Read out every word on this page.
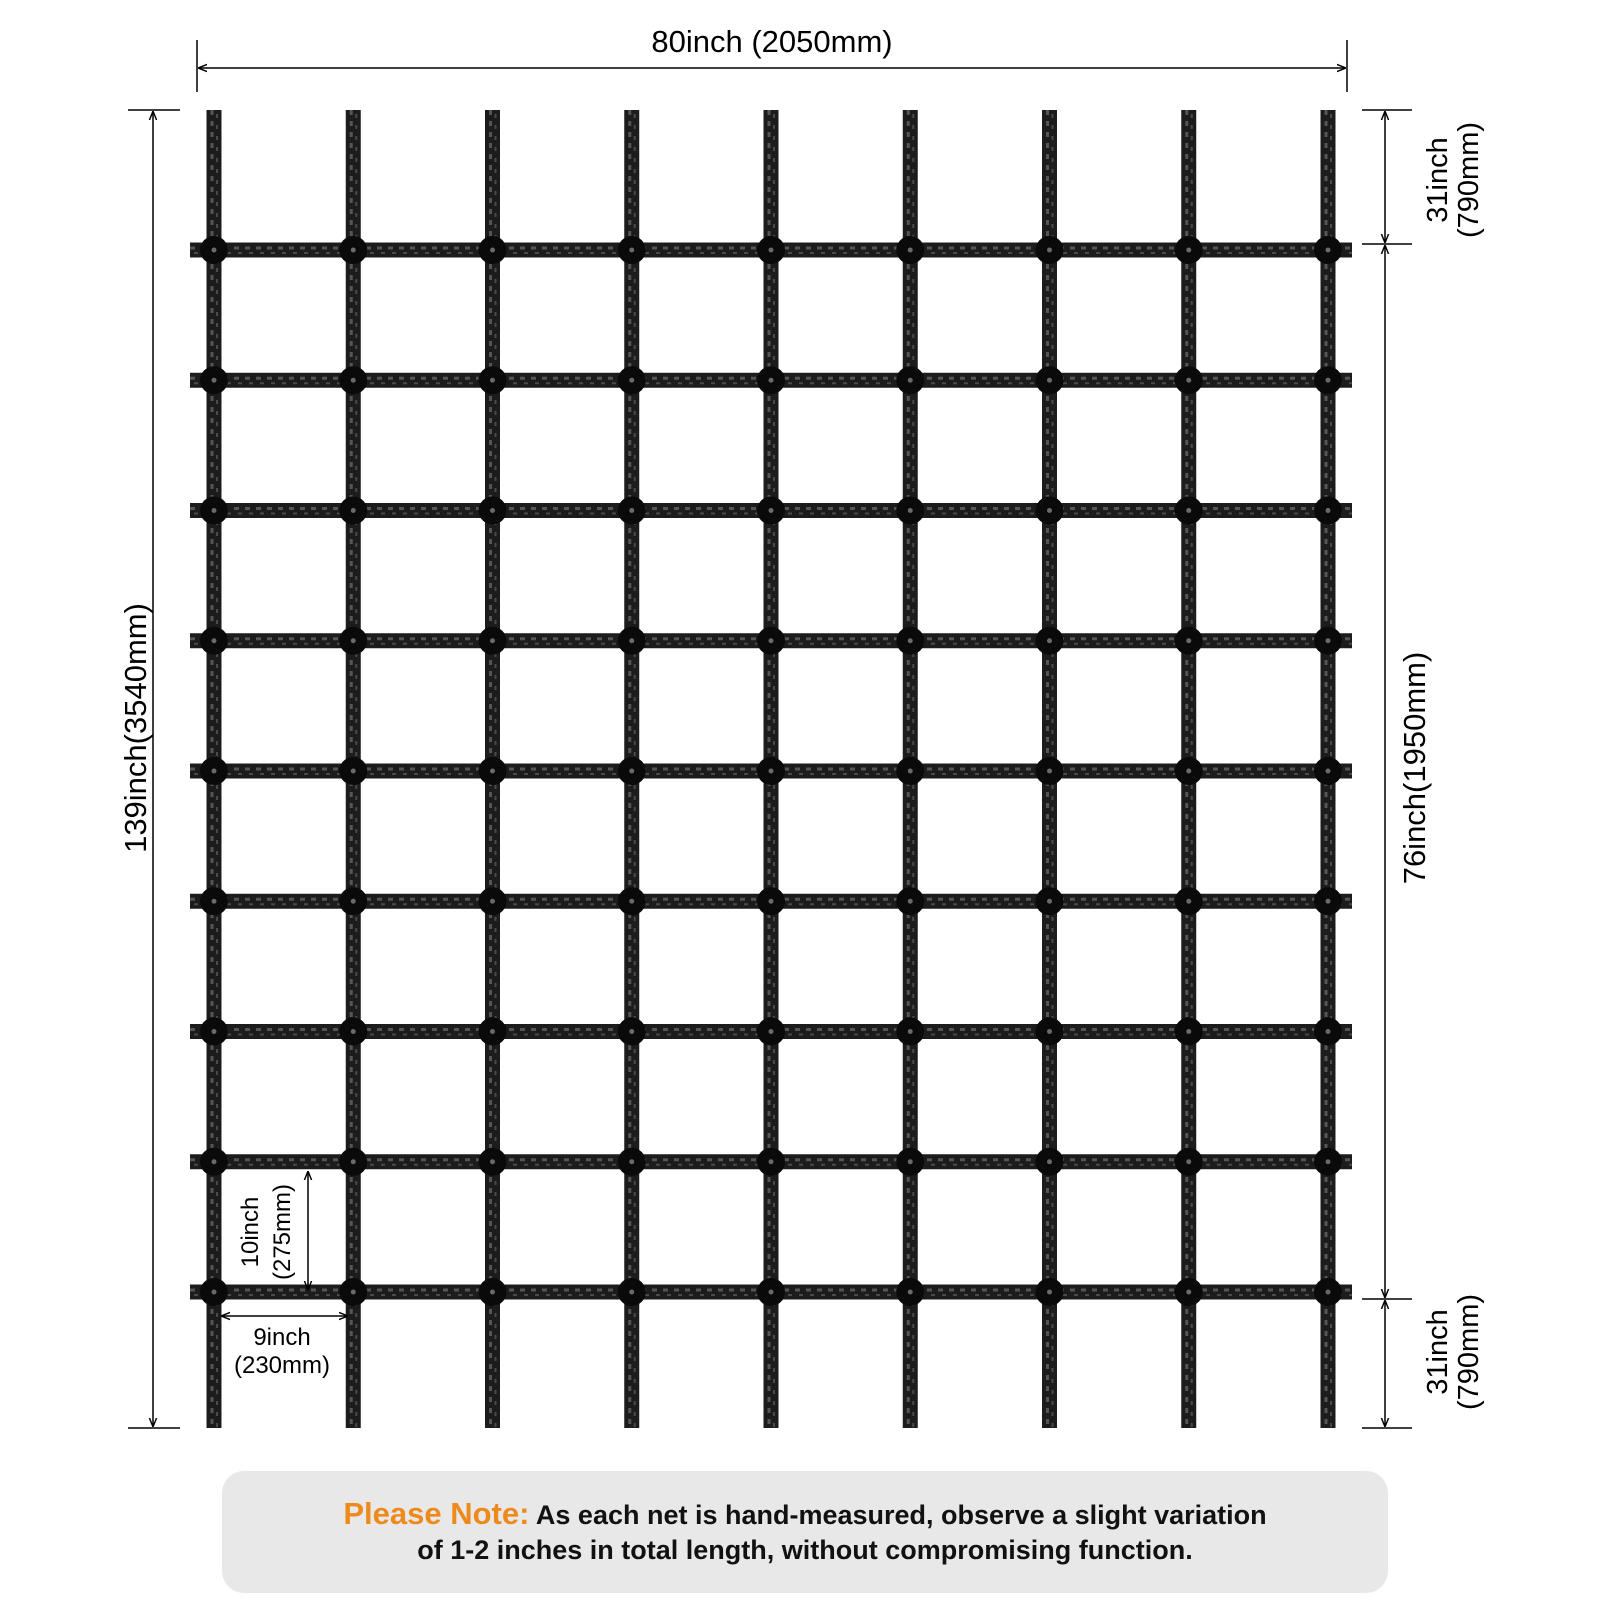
80inch (2050mm)
139inch(3540mm)
31inch (790mm)
76inch(1950mm)
31inch (790mm)
10inch (275mm)
9inch
(230mm)
Please Note: As each net is hand-measured, observe a slight variation
of 1-2 inches in total length, without compromising function.
